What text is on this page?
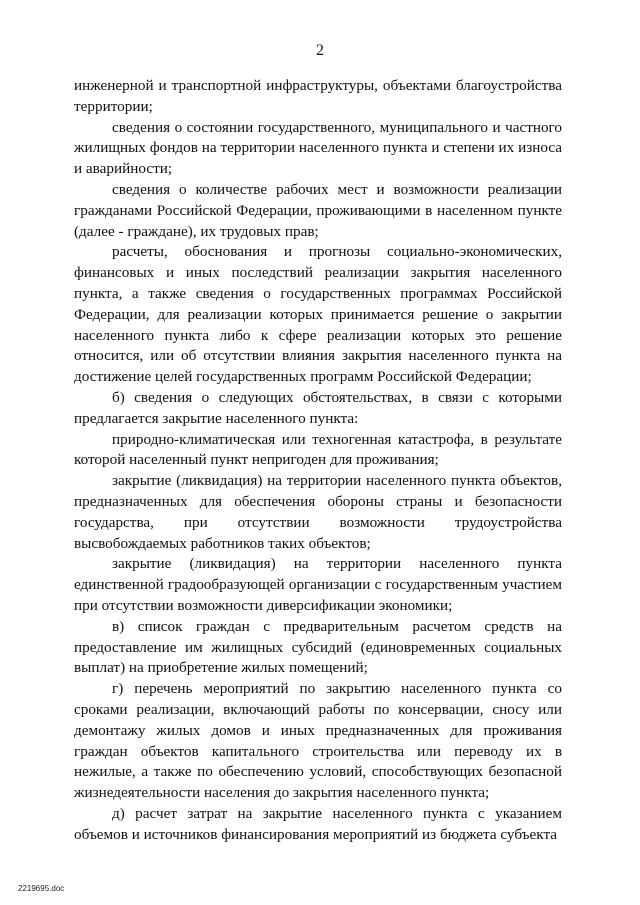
2

инженерной и транспортной инфраструктуры, объектами благоустройства территории;

сведения о состоянии государственного, муниципального и частного жилищных фондов на территории населенного пункта и степени их износа и аварийности;

сведения о количестве рабочих мест и возможности реализации гражданами Российской Федерации, проживающими в населенном пункте (далее - граждане), их трудовых прав;

расчеты, обоснования и прогнозы социально-экономических, финансовых и иных последствий реализации закрытия населенного пункта, а также сведения о государственных программах Российской Федерации, для реализации которых принимается решение о закрытии населенного пункта либо к сфере реализации которых это решение относится, или об отсутствии влияния закрытия населенного пункта на достижение целей государственных программ Российской Федерации;

б) сведения о следующих обстоятельствах, в связи с которыми предлагается закрытие населенного пункта:

природно-климатическая или техногенная катастрофа, в результате которой населенный пункт непригоден для проживания;

закрытие (ликвидация) на территории населенного пункта объектов, предназначенных для обеспечения обороны страны и безопасности государства, при отсутствии возможности трудоустройства высвобождаемых работников таких объектов;

закрытие (ликвидация) на территории населенного пункта единственной градообразующей организации с государственным участием при отсутствии возможности диверсификации экономики;

в) список граждан с предварительным расчетом средств на предоставление им жилищных субсидий (единовременных социальных выплат) на приобретение жилых помещений;

г) перечень мероприятий по закрытию населенного пункта со сроками реализации, включающий работы по консервации, сносу или демонтажу жилых домов и иных предназначенных для проживания граждан объектов капитального строительства или переводу их в нежилые, а также по обеспечению условий, способствующих безопасной жизнедеятельности населения до закрытия населенного пункта;

д) расчет затрат на закрытие населенного пункта с указанием объемов и источников финансирования мероприятий из бюджета субъекта

2219695.doc
